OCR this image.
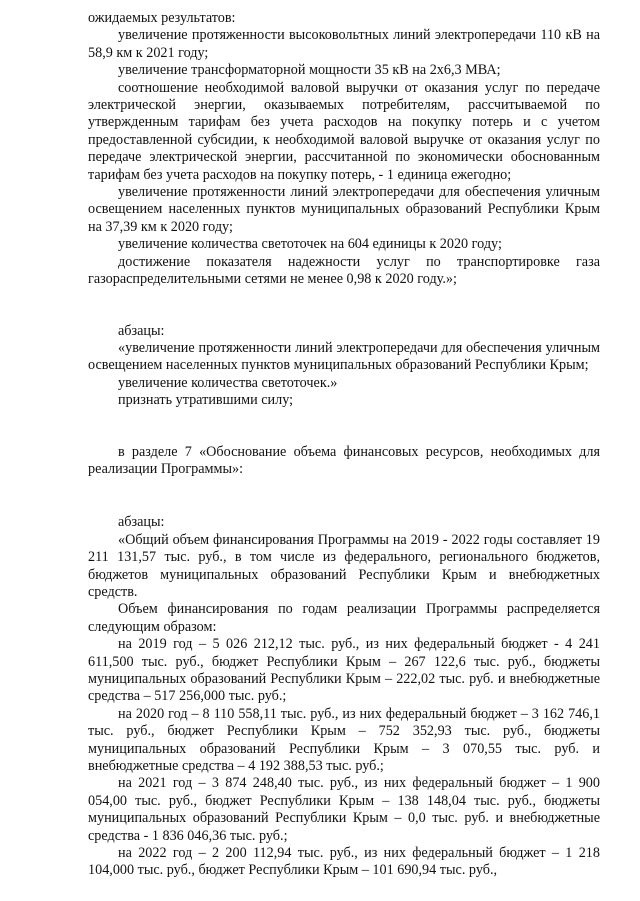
ожидаемых результатов:

увеличение протяженности высоковольтных линий электропередачи 110 кВ на 58,9 км к 2021 году;

увеличение трансформаторной мощности 35 кВ на 2х6,3 МВА;

соотношение необходимой валовой выручки от оказания услуг по передаче электрической энергии, оказываемых потребителям, рассчитываемой по утвержденным тарифам без учета расходов на покупку потерь и с учетом предоставленной субсидии, к необходимой валовой выручке от оказания услуг по передаче электрической энергии, рассчитанной по экономически обоснованным тарифам без учета расходов на покупку потерь, - 1 единица ежегодно;

увеличение протяженности линий электропередачи для обеспечения уличным освещением населенных пунктов муниципальных образований Республики Крым на 37,39 км к 2020 году;

увеличение количества светоточек на 604 единицы к 2020 году;

достижение показателя надежности услуг по транспортировке газа газораспределительными сетями не менее 0,98 к 2020 году.»;

абзацы:

«увеличение протяженности линий электропередачи для обеспечения уличным освещением населенных пунктов муниципальных образований Республики Крым;

увеличение количества светоточек.»

признать утратившими силу;

в разделе 7 «Обоснование объема финансовых ресурсов, необходимых для реализации Программы»:

абзацы:

«Общий объем финансирования Программы на 2019 - 2022 годы составляет 19 211 131,57 тыс. руб., в том числе из федерального, регионального бюджетов, бюджетов муниципальных образований Республики Крым и внебюджетных средств.

Объем финансирования по годам реализации Программы распределяется следующим образом:

на 2019 год – 5 026 212,12 тыс. руб., из них федеральный бюджет - 4 241 611,500 тыс. руб., бюджет Республики Крым – 267 122,6 тыс. руб., бюджеты муниципальных образований Республики Крым – 222,02 тыс. руб. и внебюджетные средства – 517 256,000 тыс. руб.;

на 2020 год – 8 110 558,11 тыс. руб., из них федеральный бюджет – 3 162 746,1 тыс. руб., бюджет Республики Крым – 752 352,93 тыс. руб., бюджеты муниципальных образований Республики Крым – 3 070,55 тыс. руб. и внебюджетные средства – 4 192 388,53 тыс. руб.;

на 2021 год – 3 874 248,40 тыс. руб., из них федеральный бюджет – 1 900 054,00 тыс. руб., бюджет Республики Крым – 138 148,04 тыс. руб., бюджеты муниципальных образований Республики Крым – 0,0 тыс. руб. и внебюджетные средства - 1 836 046,36 тыс. руб.;

на 2022 год – 2 200 112,94 тыс. руб., из них федеральный бюджет – 1 218 104,000 тыс. руб., бюджет Республики Крым – 101 690,94 тыс. руб.,
